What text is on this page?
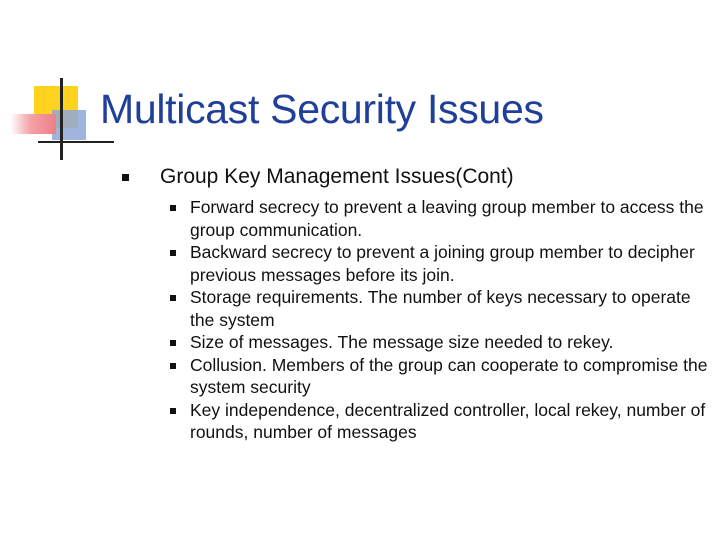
Multicast Security Issues
Group Key Management Issues(Cont)
Forward secrecy to prevent a leaving group member to access the group communication.
Backward secrecy to prevent a joining group member to decipher previous messages before its join.
Storage requirements. The number of keys necessary to operate the system
Size of messages. The message size needed to rekey.
Collusion. Members of the group can cooperate to compromise the system security
Key independence, decentralized controller, local rekey, number of rounds, number of messages
